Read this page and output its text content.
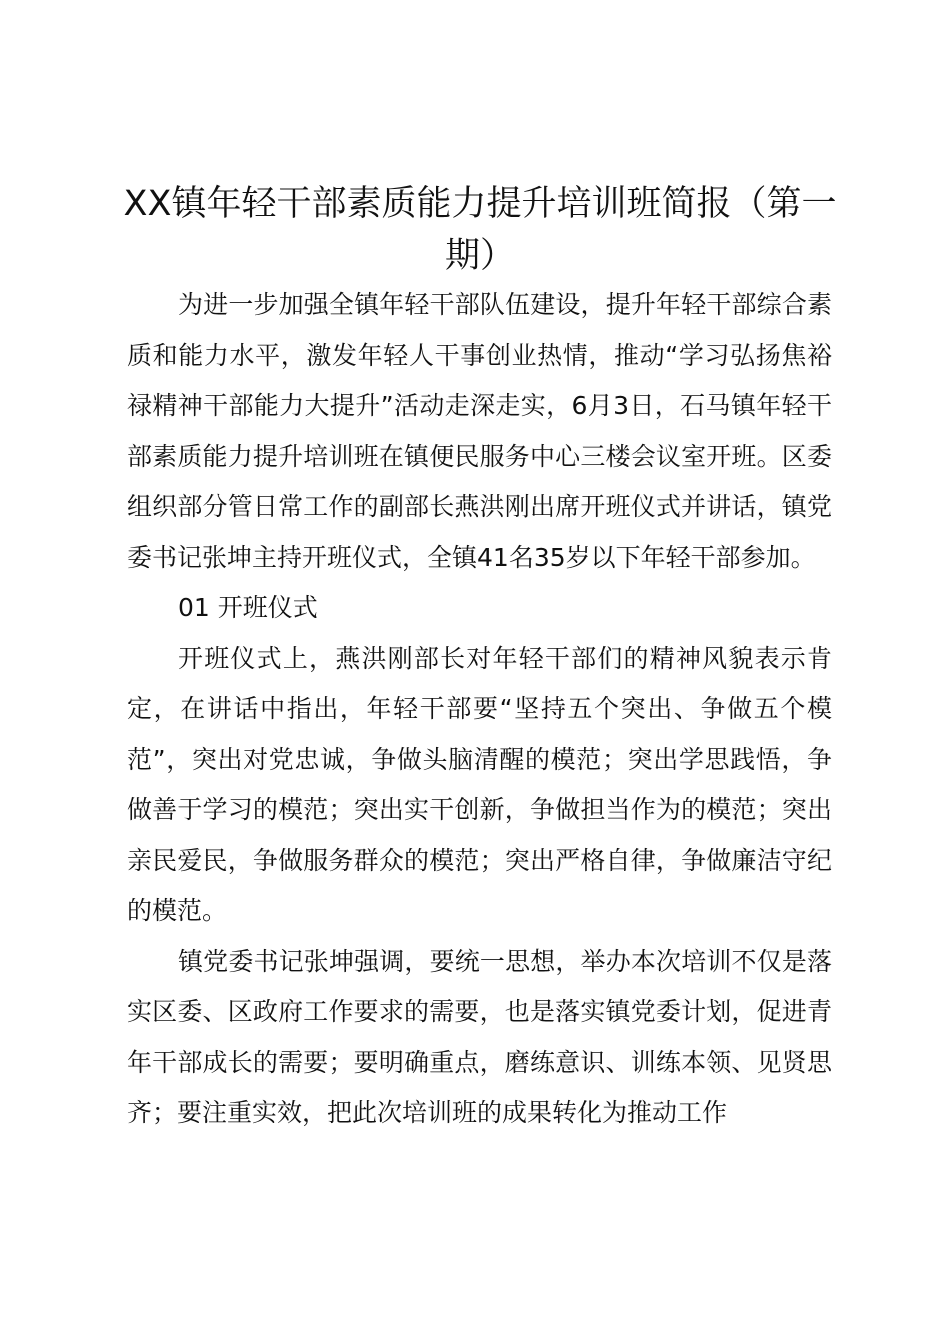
XX镇年轻干部素质能力提升培训班简报（第一期）

为进一步加强全镇年轻干部队伍建设，提升年轻干部综合素质和能力水平，激发年轻人干事创业热情，推动“学习弘扬焦裕禄精神干部能力大提升”活动走深走实，6月3日，石马镇年轻干部素质能力提升培训班在镇便民服务中心三楼会议室开班。区委组织部分管日常工作的副部长燕洪刚出席开班仪式并讲话，镇党委书记张坤主持开班仪式，全镇41名35岁以下年轻干部参加。

01 开班仪式

开班仪式上，燕洪刚部长对年轻干部们的精神风貌表示肯定，在讲话中指出，年轻干部要“坚持五个突出、争做五个模范”，突出对党忠诚，争做头脑清醒的模范；突出学思践悟，争做善于学习的模范；突出实干创新，争做担当作为的模范；突出亲民爱民，争做服务群众的模范；突出严格自律，争做廉洁守纪的模范。

镇党委书记张坤强调，要统一思想，举办本次培训不仅是落实区委、区政府工作要求的需要，也是落实镇党委计划，促进青年干部成长的需要；要明确重点，磨练意识、训练本领、见贤思齐；要注重实效，把此次培训班的成果转化为推动工作
